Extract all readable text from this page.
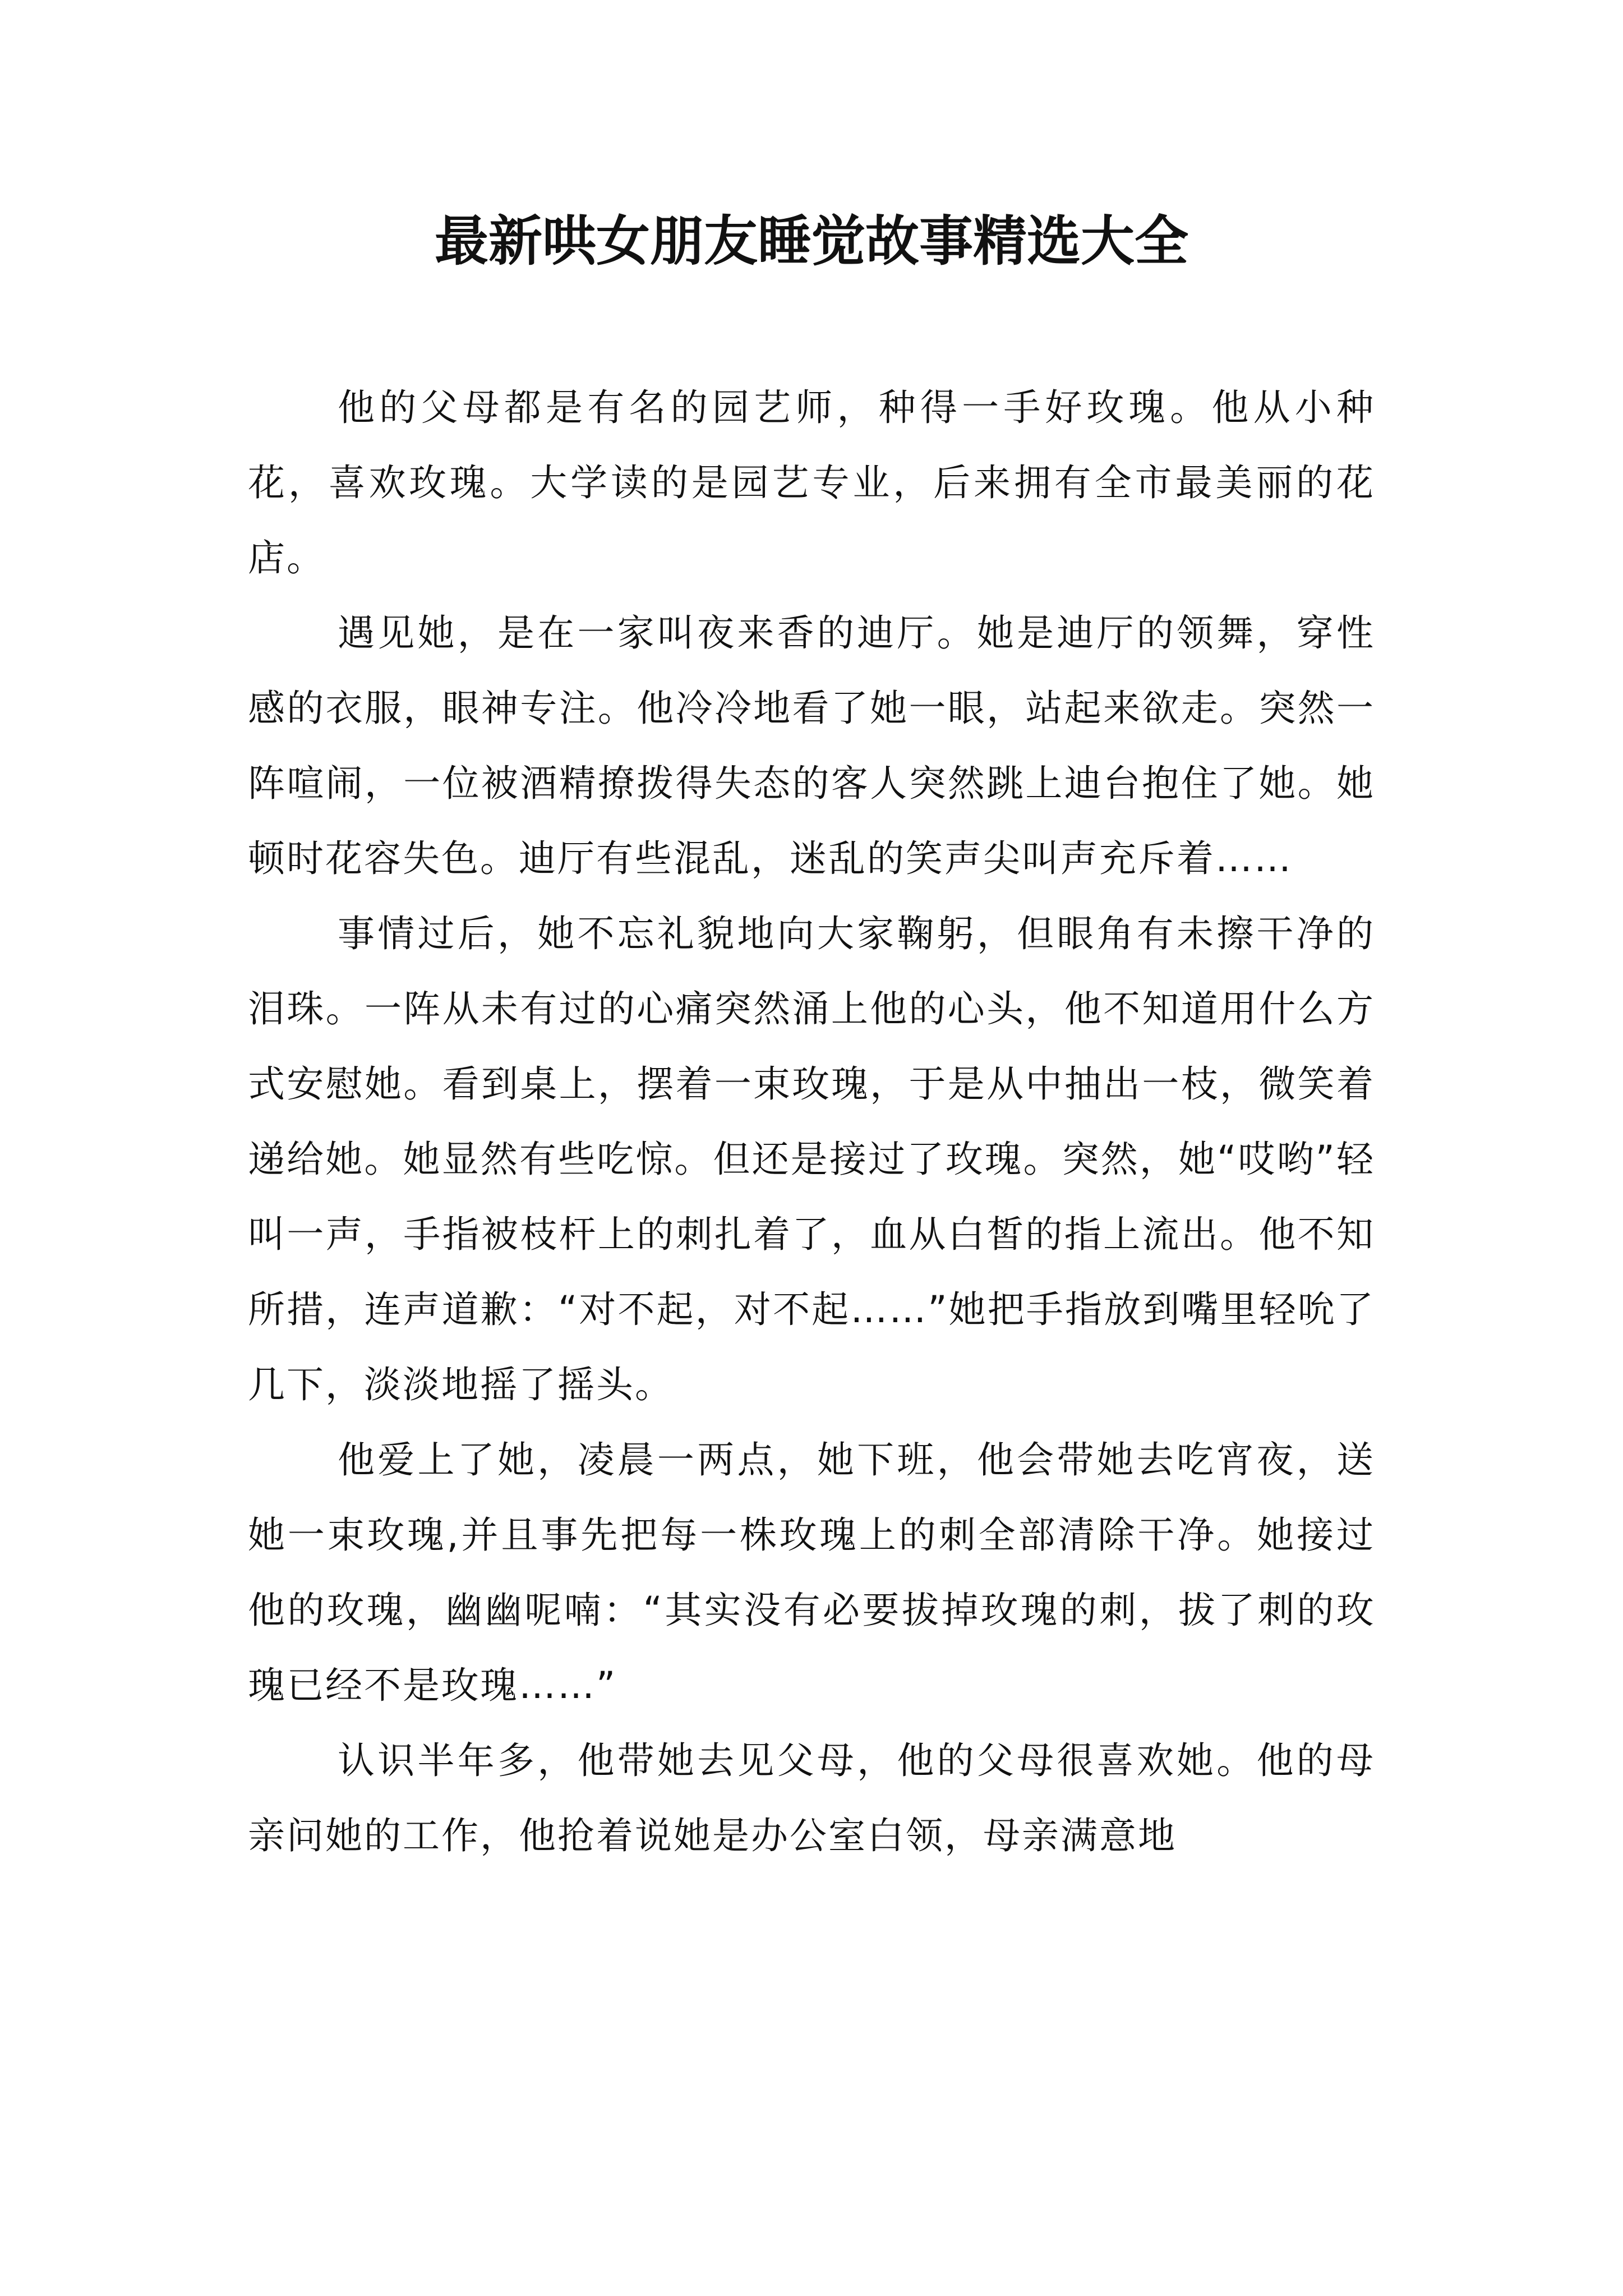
最新哄女朋友睡觉故事精选大全

他的父母都是有名的园艺师，种得一手好玫瑰。他从小种花，喜欢玫瑰。大学读的是园艺专业，后来拥有全市最美丽的花店。

遇见她，是在一家叫夜来香的迪厅。她是迪厅的领舞，穿性感的衣服，眼神专注。他冷冷地看了她一眼，站起来欲走。突然一阵喧闹，一位被酒精撩拨得失态的客人突然跳上迪台抱住了她。她顿时花容失色。迪厅有些混乱，迷乱的笑声尖叫声充斥着……

事情过后，她不忘礼貌地向大家鞠躬，但眼角有未擦干净的泪珠。一阵从未有过的心痛突然涌上他的心头，他不知道用什么方式安慰她。看到桌上，摆着一束玫瑰，于是从中抽出一枝，微笑着递给她。她显然有些吃惊。但还是接过了玫瑰。突然，她“哎哟”轻叫一声，手指被枝杆上的刺扎着了，血从白皙的指上流出。他不知所措，连声道歉：“对不起，对不起……”她把手指放到嘴里轻吮了几下，淡淡地摇了摇头。

他爱上了她，凌晨一两点，她下班，他会带她去吃宵夜，送她一束玫瑰,并且事先把每一株玫瑰上的刺全部清除干净。她接过他的玫瑰，幽幽呢喃：“其实没有必要拔掉玫瑰的刺，拔了刺的玫瑰已经不是玫瑰……”

认识半年多，他带她去见父母，他的父母很喜欢她。他的母亲问她的工作，他抢着说她是办公室白领，母亲满意地
